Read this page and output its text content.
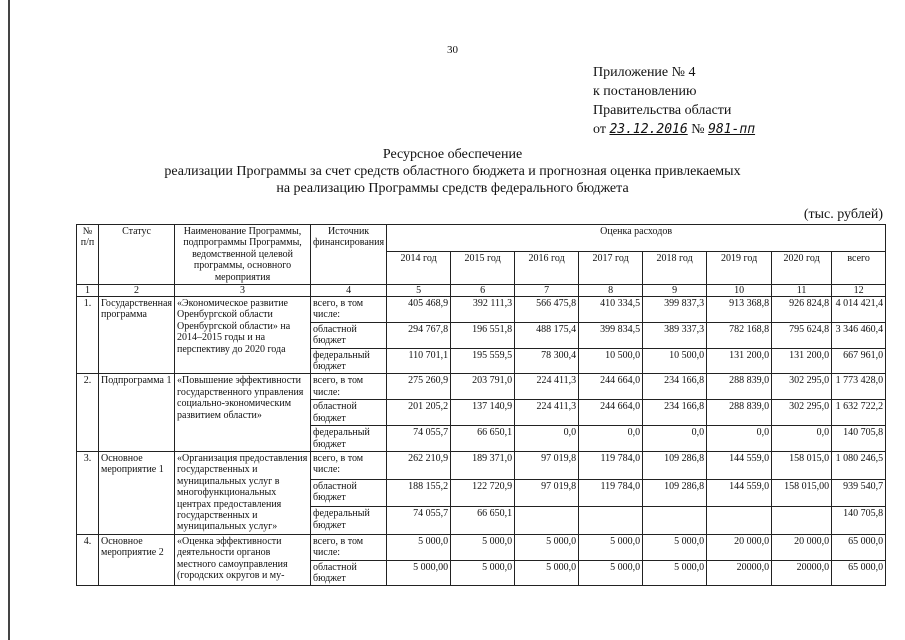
30
Приложение № 4
к постановлению
Правительства области
от 23.12.2016 № 981-пп
Ресурсное обеспечение
реализации Программы за счет средств областного бюджета и прогнозная оценка привлекаемых
на реализацию Программы средств федерального бюджета
(тыс. рублей)
№ п/п	Статус	Наименование Программы, подпрограммы Программы, ведомственной целевой программы, основного мероприятия	Источник финансирования	Оценка расходов							
				2014 год	2015 год	2016 год	2017 год	2018 год	2019 год	2020 год	всего
1	2	3	4	5	6	7	8	9	10	11	12
1.	Государственная программа	«Экономическое развитие Оренбургской области Оренбургской области» на 2014–2015 годы и на перспективу до 2020 года	всего, в том числе:	405 468,9	392 111,3	566 475,8	410 334,5	399 837,3	913 368,8	926 824,8	4 014 421,4
			областной бюджет	294 767,8	196 551,8	488 175,4	399 834,5	389 337,3	782 168,8	795 624,8	3 346 460,4
			федеральный бюджет	110 701,1	195 559,5	78 300,4	10 500,0	10 500,0	131 200,0	131 200,0	667 961,0
2.	Подпрограмма 1	«Повышение эффективности государственного управления социально-экономическим развитием области»	всего, в том числе:	275 260,9	203 791,0	224 411,3	244 664,0	234 166,8	288 839,0	302 295,0	1 773 428,0
			областной бюджет	201 205,2	137 140,9	224 411,3	244 664,0	234 166,8	288 839,0	302 295,0	1 632 722,2
			федеральный бюджет	74 055,7	66 650,1	0,0	0,0	0,0	0,0	0,0	140 705,8
3.	Основное мероприятие 1	«Организация предоставления государственных и муниципальных услуг в многофункциональных центрах предоставления государственных и муниципальных услуг»	всего, в том числе:	262 210,9	189 371,0	97 019,8	119 784,0	109 286,8	144 559,0	158 015,0	1 080 246,5
			областной бюджет	188 155,2	122 720,9	97 019,8	119 784,0	109 286,8	144 559,0	158 015,00	939 540,7
			федеральный бюджет	74 055,7	66 650,1						140 705,8
4.	Основное мероприятие 2	«Оценка эффективности деятельности органов местного самоуправления (городских округов и му-	всего, в том числе:	5 000,0	5 000,0	5 000,0	5 000,0	5 000,0	20 000,0	20 000,0	65 000,0
			областной бюджет	5 000,00	5 000,0	5 000,0	5 000,0	5 000,0	20000,0	20000,0	65 000,0
